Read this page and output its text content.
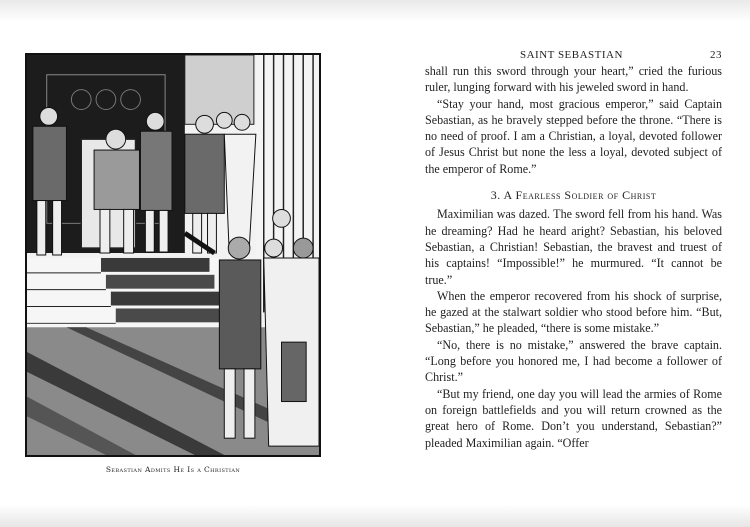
Sebastian Admits He Is a Christian
SAINT SEBASTIAN	23

shall run this sword through your heart,” cried the furious ruler, lunging forward with his jeweled sword in hand.

“Stay your hand, most gracious emperor,” said Captain Sebastian, as he bravely stepped before the throne. “There is no need of proof. I am a Christian, a loyal, devoted follower of Jesus Christ but none the less a loyal, devoted subject of the emperor of Rome.”

3. A Fearless Soldier of Christ

Maximilian was dazed. The sword fell from his hand. Was he dreaming? Had he heard aright? Sebastian, his beloved Sebastian, a Christian! Sebastian, the bravest and truest of his captains! “Impossible!” he murmured. “It cannot be true.”

When the emperor recovered from his shock of surprise, he gazed at the stalwart soldier who stood before him. “But, Sebastian,” he pleaded, “there is some mistake.”

“No, there is no mistake,” answered the brave captain. “Long before you honored me, I had become a follower of Christ.”

“But my friend, one day you will lead the armies of Rome on foreign battlefields and you will return crowned as the great hero of Rome. Don’t you understand, Sebastian?” pleaded Maximilian again. “Offer
